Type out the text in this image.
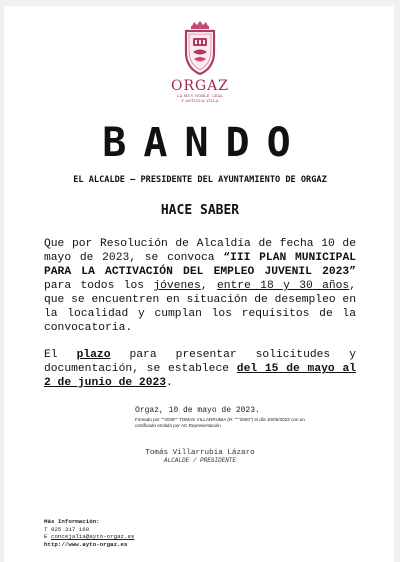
ORGAZ
LA MUY NOBLE, LEAL
Y ANTIGUA VILLA
BANDO
EL ALCALDE – PRESIDENTE DEL AYUNTAMIENTO DE ORGAZ
HACE SABER
Que por Resolución de Alcaldía de fecha 10 de mayo de 2023, se convoca “III PLAN MUNICIPAL PARA LA ACTIVACIÓN DEL EMPLEO JUVENIL 2023” para todos los jóvenes, entre 18 y 30 años, que se encuentren en situación de desempleo en la localidad y cumplan los requisitos de la convocatoria.
El plazo para presentar solicitudes y documentación, se establece del 15 de mayo al 2 de junio de 2023.
Orgaz, 10 de mayo de 2023.
Firmado por ""4035"" TOMAS VILLARRUBIA (R: """2500") el día 10/05/2023 con un certificado emitido por AC Representación
Tomás Villarrubia Lázaro
ALCALDE / PRESIDENTE
Más Información:
T 925 317 160
E concejalia@ayto-orgaz.es
http://www.ayto-orgaz.es
